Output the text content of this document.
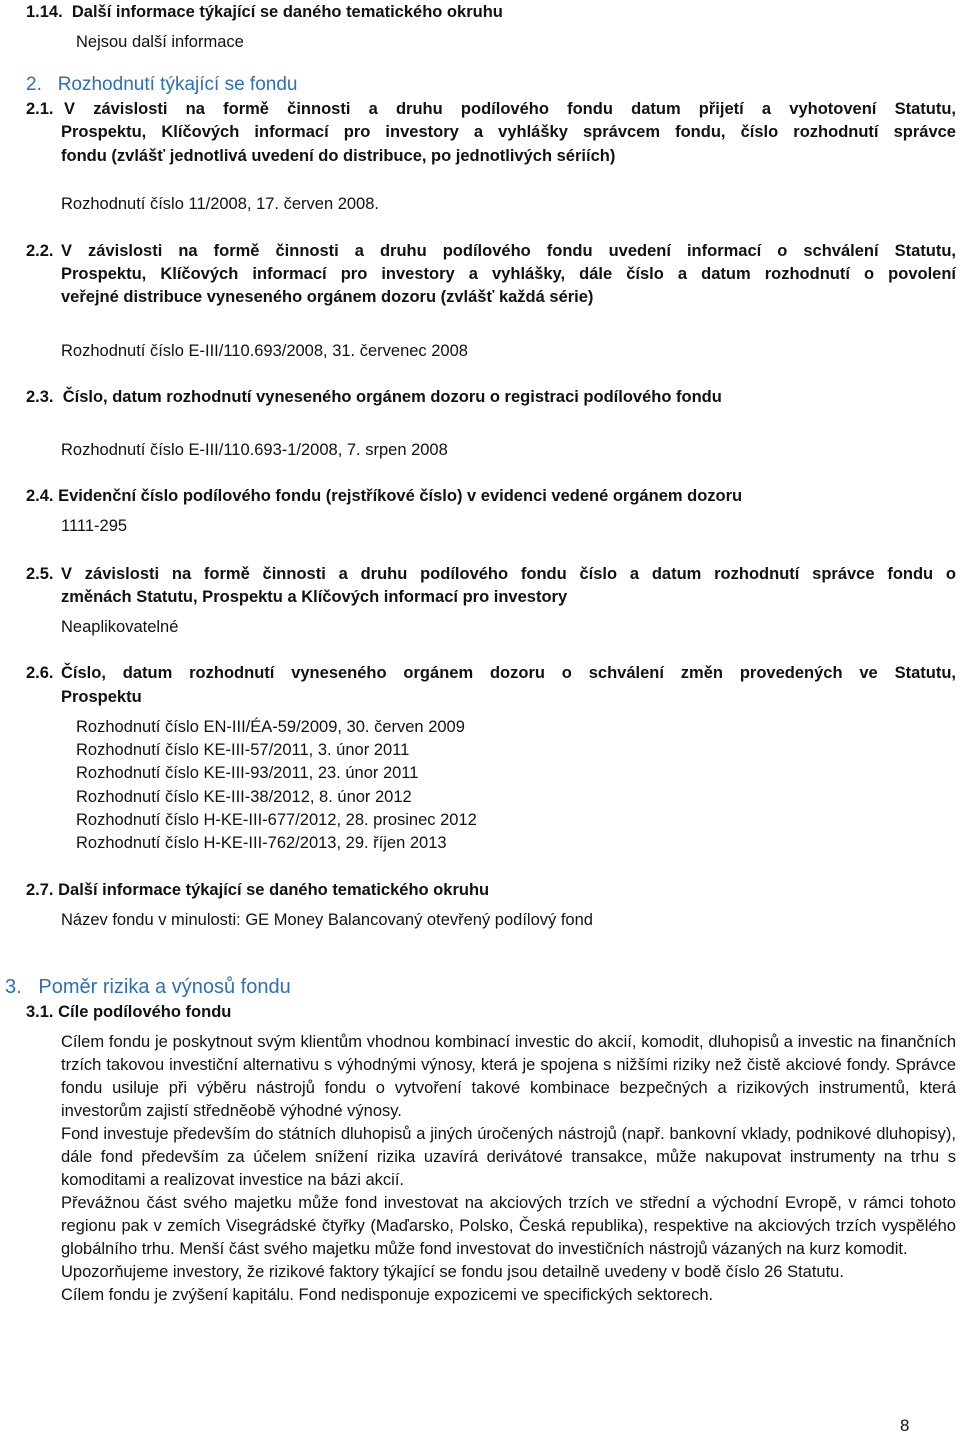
1.14. Další informace týkající se daného tematického okruhu
Nejsou další informace
2. Rozhodnutí týkající se fondu
2.1. V závislosti na formě činnosti a druhu podílového fondu datum přijetí a vyhotovení Statutu,
Prospektu, Klíčových informací pro investory a vyhlášky správcem fondu, číslo rozhodnutí správce
fondu (zvlášť jednotlivá uvedení do distribuce, po jednotlivých sériích)
Rozhodnutí číslo 11/2008, 17. červen 2008.
2.2. V závislosti na formě činnosti a druhu podílového fondu uvedení informací o schválení Statutu,
Prospektu, Klíčových informací pro investory a vyhlášky, dále číslo a datum rozhodnutí o povolení
veřejné distribuce vyneseného orgánem dozoru (zvlášť každá série)
Rozhodnutí číslo E-III/110.693/2008, 31. červenec 2008
2.3. Číslo, datum rozhodnutí vyneseného orgánem dozoru o registraci podílového fondu
Rozhodnutí číslo E-III/110.693-1/2008, 7. srpen 2008
2.4. Evidenční číslo podílového fondu (rejstříkové číslo) v evidenci vedené orgánem dozoru
1111-295
2.5. V závislosti na formě činnosti a druhu podílového fondu číslo a datum rozhodnutí správce fondu o
změnách Statutu, Prospektu a Klíčových informací pro investory
Neaplikovatelné
2.6. Číslo, datum rozhodnutí vyneseného orgánem dozoru o schválení změn provedených ve Statutu,
Prospektu
Rozhodnutí číslo EN-III/ÉA-59/2009, 30. červen 2009
Rozhodnutí číslo KE-III-57/2011, 3. únor 2011
Rozhodnutí číslo KE-III-93/2011, 23. únor 2011
Rozhodnutí číslo KE-III-38/2012, 8. únor 2012
Rozhodnutí číslo H-KE-III-677/2012, 28. prosinec 2012
Rozhodnutí číslo H-KE-III-762/2013, 29. říjen 2013
2.7. Další informace týkající se daného tematického okruhu
Název fondu v minulosti: GE Money Balancovaný otevřený podílový fond
3. Poměr rizika a výnosů fondu
3.1. Cíle podílového fondu

Cílem fondu je poskytnout svým klientům vhodnou kombinací investic do akcií, komodit, dluhopisů a investic na finančních trzích takovou investiční alternativu s výhodnými výnosy, která je spojena s nižšími riziky než čistě akciové fondy. Správce fondu usiluje při výběru nástrojů fondu o vytvoření takové kombinace bezpečných a rizikových instrumentů, která investorům zajistí středněobě výhodné výnosy.

Fond investuje především do státních dluhopisů a jiných úročených nástrojů (např. bankovní vklady, podnikové dluhopisy), dále fond především za účelem snížení rizika uzavírá derivátové transakce, může nakupovat instrumenty na trhu s komoditami a realizovat investice na bázi akcií.

Převážnou část svého majetku může fond investovat na akciových trzích ve střední a východní Evropě, v rámci tohoto regionu pak v zemích Visegrádské čtyřky (Maďarsko, Polsko, Česká republika), respektive na akciových trzích vyspělého globálního trhu. Menší část svého majetku může fond investovat do investičních nástrojů vázaných na kurz komodit.

Upozorňujeme investory, že rizikové faktory týkající se fondu jsou detailně uvedeny v bodě číslo 26 Statutu.

Cílem fondu je zvýšení kapitálu. Fond nedisponuje expozicemi ve specifických sektorech.

8
